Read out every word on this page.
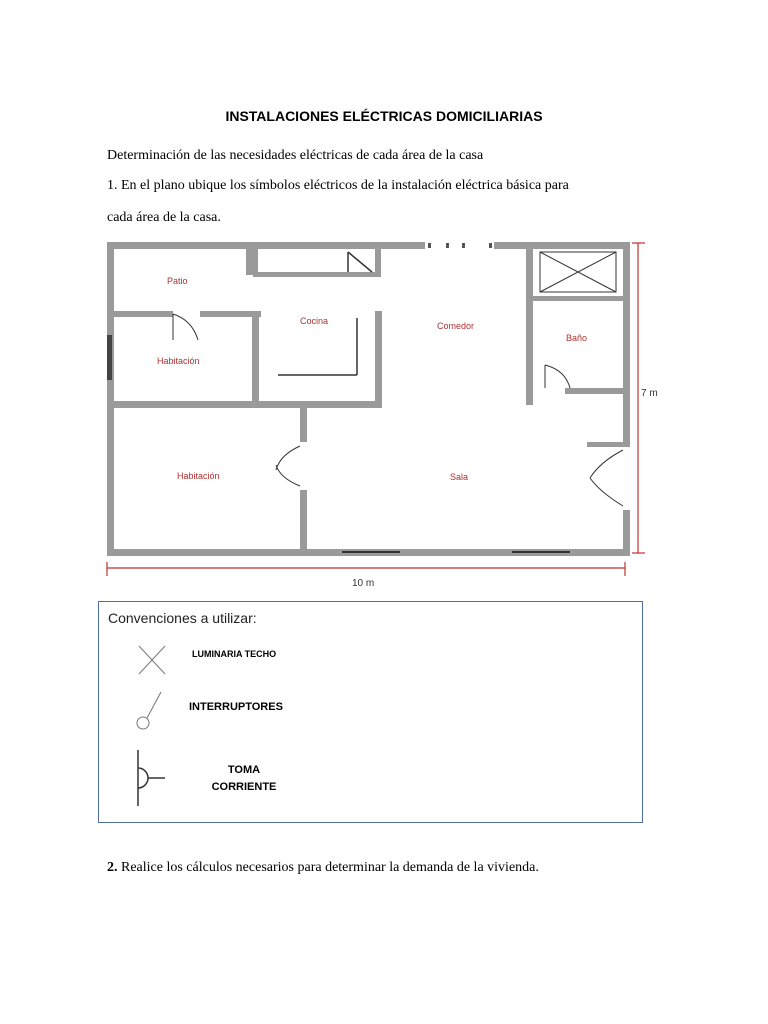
INSTALACIONES ELÉCTRICAS DOMICILIARIAS
Determinación de las necesidades eléctricas de cada área de la casa
1. En el plano ubique los símbolos eléctricos de la instalación eléctrica básica para
cada área de la casa.
Patio
Cocina	Comedor
Baño
Habitación
Habitación	Sala
10 m
7 m
Convenciones a utilizar:
LUMINARIA TECHO
INTERRUPTORES
TOMA
CORRIENTE
2. Realice los cálculos necesarios para determinar la demanda de la vivienda.
